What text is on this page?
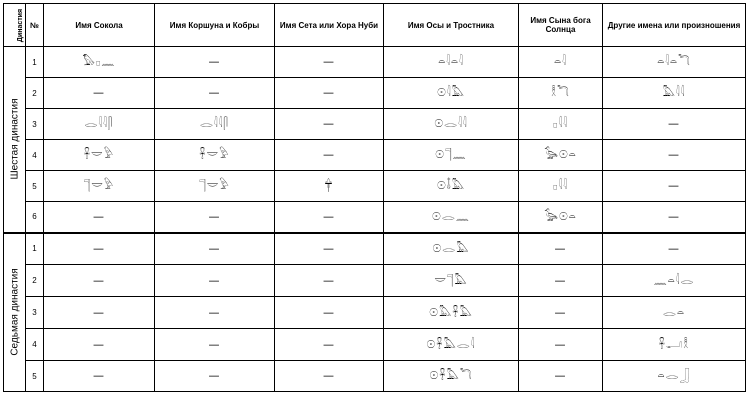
Династия	№	Имя Сокола	Имя Коршуна и Кобры	Имя Сета или Хора Нуби	Имя Осы и Тростника	Имя Сына бога Солнца	Другие имена или произношения

Шестая династия	1	𓅃𓊪𓈖	—	—	𓏏𓇋𓏏𓇋	𓏏𓇋	𓏏𓇋𓏏𓆓
	2	—	—	—	𓇳𓇋𓅓	𓎛𓆓	𓅓𓇋𓇋
	3	𓂋𓇋𓇋𓋴	𓂋𓇋𓇋𓋴	—	𓇳𓂋𓇋𓇋	𓊪𓇋𓇋	—
	4	𓋹𓎟𓅱	𓋹𓎟𓅱	—	𓇳𓊹𓈖	𓅭𓇳𓏏	—
	5	𓊹𓎟𓅱	𓊹𓎟𓅱	𓋁	𓇳𓄤𓅓	𓊪𓇋𓇋	—
	6	—	—	—	𓇳𓂋𓈖	𓅭𓇳𓏏	—

Седьмая династия	1	—	—	—	𓇳𓂋𓅓	—	—
	2	—	—	—	𓎟𓊹𓅓	—	𓈖𓏏𓇋𓂋
	3	—	—	—	𓇳𓅓𓋹𓅓	—	𓂋𓏏
	4	—	—	—	𓇳𓋹𓅓𓂋𓇋	—	𓋹𓂝𓎛
	5	—	—	—	𓇳𓋹𓅓𓆓	—	𓏏𓂋𓃀
